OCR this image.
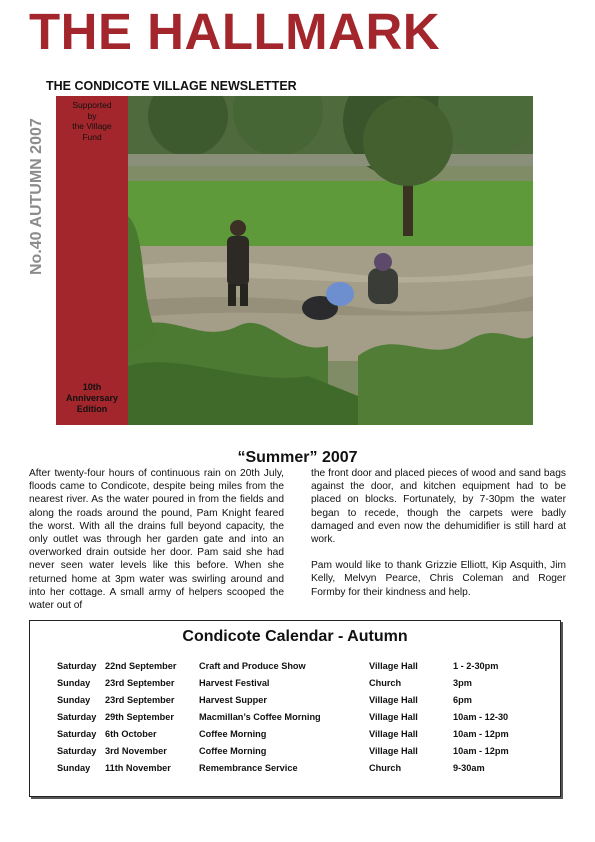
THE HALLMARK
THE CONDICOTE VILLAGE NEWSLETTER
No.40 AUTUMN 2007
Supported
by
the Village
Fund
10th
Anniversary
Edition
“Summer” 2007

After twenty-four hours of continuous rain on 20th July, floods came to Condicote, despite being miles from the nearest river. As the water poured in from the fields and along the roads around the pound, Pam Knight feared the worst. With all the drains full beyond capacity, the only outlet was through her garden gate and into an overworked drain outside her door. Pam said she had never seen water levels like this before. When she returned home at 3pm water was swirling around and into her cottage. A small army of helpers scooped the water out of

the front door and placed pieces of wood and sand bags against the door, and kitchen equipment had to be placed on blocks. Fortunately, by 7-30pm the water began to recede, though the carpets were badly damaged and even now the dehumidifier is still hard at work.

Pam would like to thank Grizzie Elliott, Kip Asquith, Jim Kelly, Melvyn Pearce, Chris Coleman and Roger Formby for their kindness and help.

Condicote Calendar - Autumn
Saturday 22nd September Craft and Produce Show	Village Hall	1 - 2-30pm
Sunday 23rd September	Harvest Festival	Church	3pm
Sunday 23rd September	Harvest Supper	Village Hall	6pm
Saturday 29th September	Macmillan’s Coffee Morning	Village Hall	10am - 12-30
Saturday 6th October	Coffee Morning	Village Hall	10am - 12pm
Saturday 3rd November	Coffee Morning	Village Hall	10am - 12pm
Sunday 11th November	Remembrance Service	Church	9-30am
